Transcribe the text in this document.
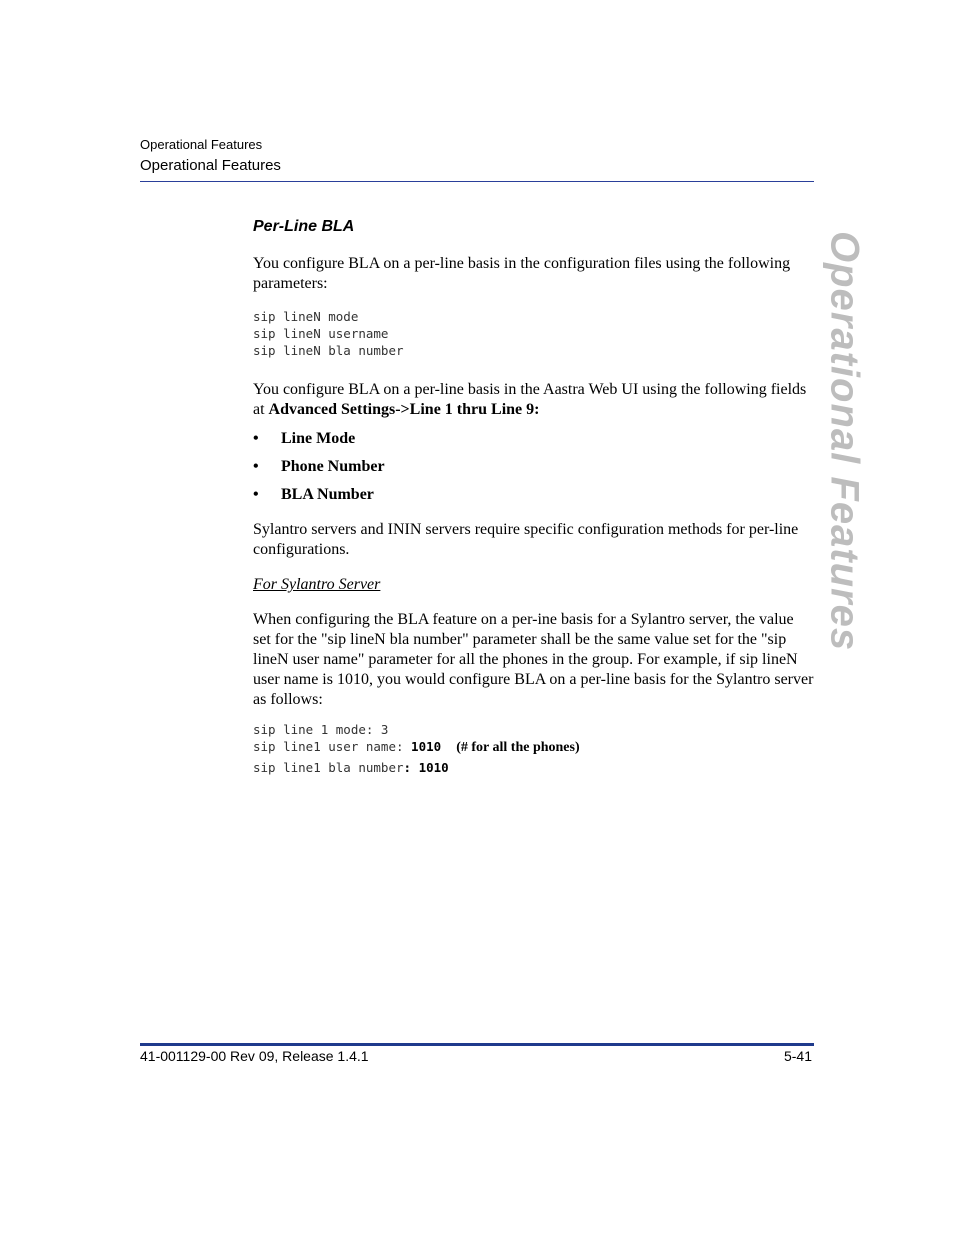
Operational Features
Operational Features
Operational Features
Per-Line BLA

You configure BLA on a per-line basis in the configuration files using the following parameters:

sip lineN mode
sip lineN username
sip lineN bla number

You configure BLA on a per-line basis in the Aastra Web UI using the following fields at Advanced Settings->Line 1 thru Line 9:

•	Line Mode
•	Phone Number
•	BLA Number

Sylantro servers and ININ servers require specific configuration methods for per-line configurations.

For Sylantro Server

When configuring the BLA feature on a per-ine basis for a Sylantro server, the value set for the "sip lineN bla number" parameter shall be the same value set for the "sip lineN user name" parameter for all the phones in the group. For example, if sip lineN user name is 1010, you would configure BLA on a per-line basis for the Sylantro server as follows:

sip line 1 mode: 3
sip line1 user name: 1010 (# for all the phones)
sip line1 bla number: 1010
41-001129-00 Rev 09, Release 1.4.1	5-41
